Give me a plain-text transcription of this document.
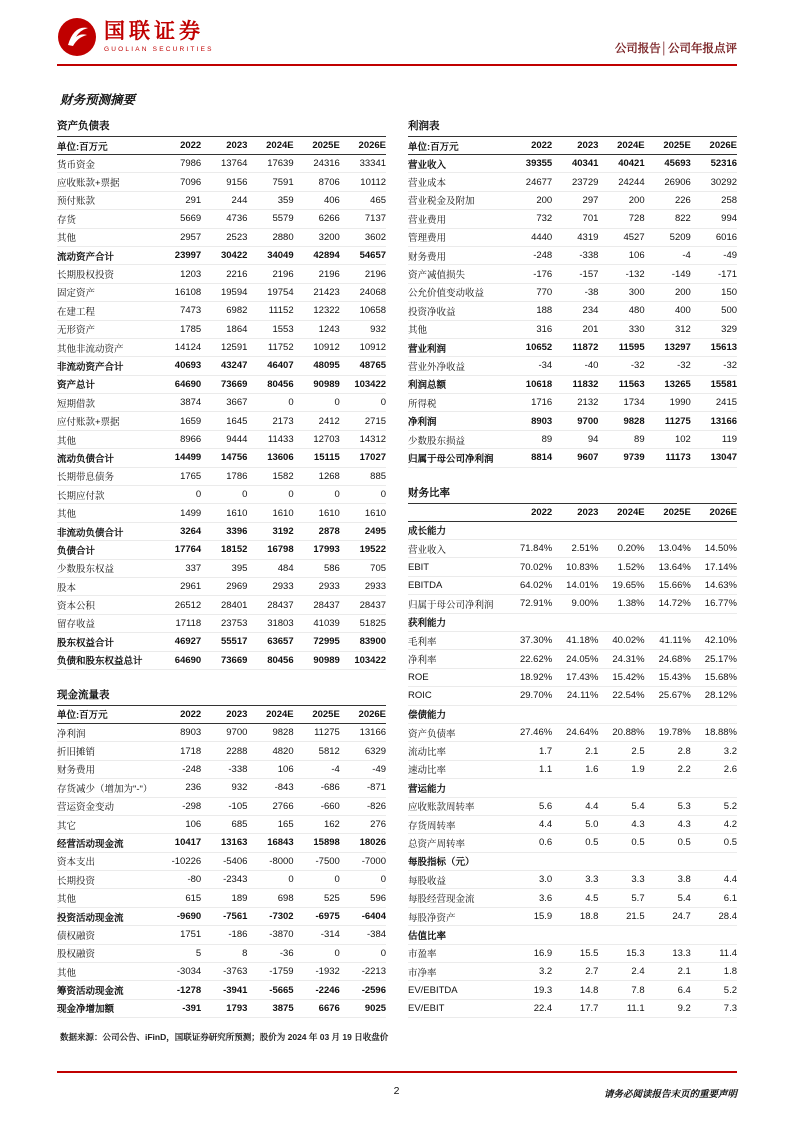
国联证券
GUOLIAN SECURITIES	公司报告│公司年报点评
财务预测摘要
资产负债表
单位:百万元	2022	2023	2024E	2025E	2026E
货币资金	7986	13764	17639	24316	33341
应收账款+票据	7096	9156	7591	8706	10112
预付账款	291	244	359	406	465
存货	5669	4736	5579	6266	7137
其他	2957	2523	2880	3200	3602
流动资产合计	23997	30422	34049	42894	54657
长期股权投资	1203	2216	2196	2196	2196
固定资产	16108	19594	19754	21423	24068
在建工程	7473	6982	11152	12322	10658
无形资产	1785	1864	1553	1243	932
其他非流动资产	14124	12591	11752	10912	10912
非流动资产合计	40693	43247	46407	48095	48765
资产总计	64690	73669	80456	90989	103422
短期借款	3874	3667	0	0	0
应付账款+票据	1659	1645	2173	2412	2715
其他	8966	9444	11433	12703	14312
流动负债合计	14499	14756	13606	15115	17027
长期带息债务	1765	1786	1582	1268	885
长期应付款	0	0	0	0	0
其他	1499	1610	1610	1610	1610
非流动负债合计	3264	3396	3192	2878	2495
负债合计	17764	18152	16798	17993	19522
少数股东权益	337	395	484	586	705
股本	2961	2969	2933	2933	2933
资本公积	26512	28401	28437	28437	28437
留存收益	17118	23753	31803	41039	51825
股东权益合计	46927	55517	63657	72995	83900
负债和股东权益总计	64690	73669	80456	90989	103422
现金流量表
单位:百万元	2022	2023	2024E	2025E	2026E
净利润	8903	9700	9828	11275	13166
折旧摊销	1718	2288	4820	5812	6329
财务费用	-248	-338	106	-4	-49
存货减少（增加为"-"）	236	932	-843	-686	-871
营运资金变动	-298	-105	2766	-660	-826
其它	106	685	165	162	276
经营活动现金流	10417	13163	16843	15898	18026
资本支出	-10226	-5406	-8000	-7500	-7000
长期投资	-80	-2343	0	0	0
其他	615	189	698	525	596
投资活动现金流	-9690	-7561	-7302	-6975	-6404
债权融资	1751	-186	-3870	-314	-384
股权融资	5	8	-36	0	0
其他	-3034	-3763	-1759	-1932	-2213
筹资活动现金流	-1278	-3941	-5665	-2246	-2596
现金净增加额	-391	1793	3875	6676	9025
利润表
单位:百万元	2022	2023	2024E	2025E	2026E
营业收入	39355	40341	40421	45693	52316
营业成本	24677	23729	24244	26906	30292
营业税金及附加	200	297	200	226	258
营业费用	732	701	728	822	994
管理费用	4440	4319	4527	5209	6016
财务费用	-248	-338	106	-4	-49
资产减值损失	-176	-157	-132	-149	-171
公允价值变动收益	770	-38	300	200	150
投资净收益	188	234	480	400	500
其他	316	201	330	312	329
营业利润	10652	11872	11595	13297	15613
营业外净收益	-34	-40	-32	-32	-32
利润总额	10618	11832	11563	13265	15581
所得税	1716	2132	1734	1990	2415
净利润	8903	9700	9828	11275	13166
少数股东损益	89	94	89	102	119
归属于母公司净利润	8814	9607	9739	11173	13047
财务比率
2022	2023	2024E	2025E	2026E
成长能力
营业收入	71.84%	2.51%	0.20%	13.04%	14.50%
EBIT	70.02%	10.83%	1.52%	13.64%	17.14%
EBITDA	64.02%	14.01%	19.65%	15.66%	14.63%
归属于母公司净利润	72.91%	9.00%	1.38%	14.72%	16.77%
获利能力
毛利率	37.30%	41.18%	40.02%	41.11%	42.10%
净利率	22.62%	24.05%	24.31%	24.68%	25.17%
ROE	18.92%	17.43%	15.42%	15.43%	15.68%
ROIC	29.70%	24.11%	22.54%	25.67%	28.12%
偿债能力
资产负债率	27.46%	24.64%	20.88%	19.78%	18.88%
流动比率	1.7	2.1	2.5	2.8	3.2
速动比率	1.1	1.6	1.9	2.2	2.6
营运能力
应收账款周转率	5.6	4.4	5.4	5.3	5.2
存货周转率	4.4	5.0	4.3	4.3	4.2
总资产周转率	0.6	0.5	0.5	0.5	0.5
每股指标（元）
每股收益	3.0	3.3	3.3	3.8	4.4
每股经营现金流	3.6	4.5	5.7	5.4	6.1
每股净资产	15.9	18.8	21.5	24.7	28.4
估值比率
市盈率	16.9	15.5	15.3	13.3	11.4
市净率	3.2	2.7	2.4	2.1	1.8
EV/EBITDA	19.3	14.8	7.8	6.4	5.2
EV/EBIT	22.4	17.7	11.1	9.2	7.3
数据来源：公司公告、iFinD，国联证券研究所预测；股价为 2024 年 03 月 19 日收盘价
2	请务必阅读报告末页的重要声明
